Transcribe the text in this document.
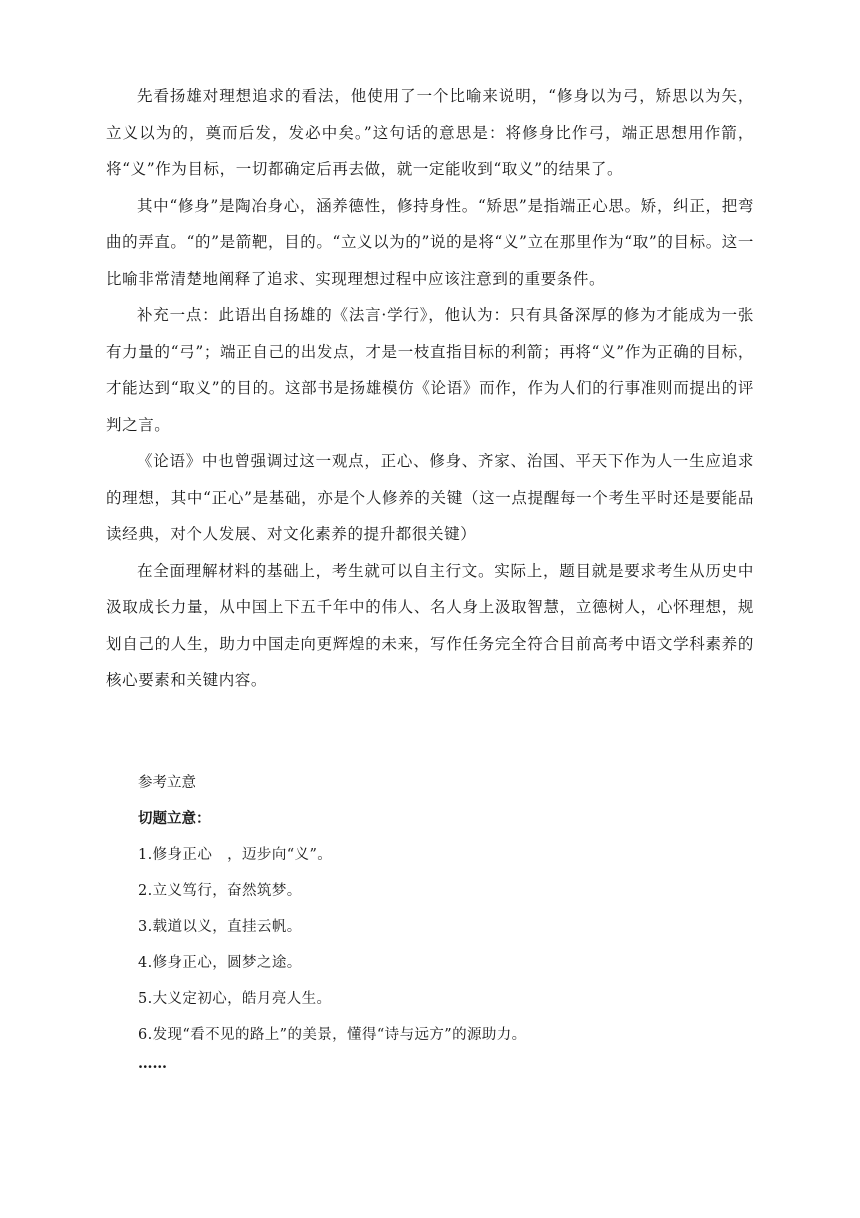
先看扬雄对理想追求的看法，他使用了一个比喻来说明，“修身以为弓，矫思以为矢，立义以为的，奠而后发，发必中矣。”这句话的意思是：将修身比作弓，端正思想用作箭，将“义”作为目标，一切都确定后再去做，就一定能收到“取义”的结果了。

其中“修身”是陶冶身心，涵养德性，修持身性。“矫思”是指端正心思。矫，纠正，把弯曲的弄直。“的”是箭靶，目的。“立义以为的”说的是将“义”立在那里作为“取”的目标。这一比喻非常清楚地阐释了追求、实现理想过程中应该注意到的重要条件。

补充一点：此语出自扬雄的《法言·学行》，他认为：只有具备深厚的修为才能成为一张有力量的“弓”；端正自己的出发点，才是一枝直指目标的利箭；再将“义”作为正确的目标，才能达到“取义”的目的。这部书是扬雄模仿《论语》而作，作为人们的行事准则而提出的评判之言。

《论语》中也曾强调过这一观点，正心、修身、齐家、治国、平天下作为人一生应追求的理想，其中“正心”是基础，亦是个人修养的关键（这一点提醒每一个考生平时还是要能品读经典，对个人发展、对文化素养的提升都很关键）

在全面理解材料的基础上，考生就可以自主行文。实际上，题目就是要求考生从历史中汲取成长力量，从中国上下五千年中的伟人、名人身上汲取智慧，立德树人，心怀理想，规划自己的人生，助力中国走向更辉煌的未来，写作任务完全符合目前高考中语文学科素养的核心要素和关键内容。

参考立意

切题立意：

1.修身正心　，迈步向“义”。
2.立义笃行，奋然筑梦。
3.载道以义，直挂云帆。
4.修身正心，圆梦之途。
5.大义定初心，皓月亮人生。
6.发现“看不见的路上”的美景，懂得“诗与远方”的源助力。

……
